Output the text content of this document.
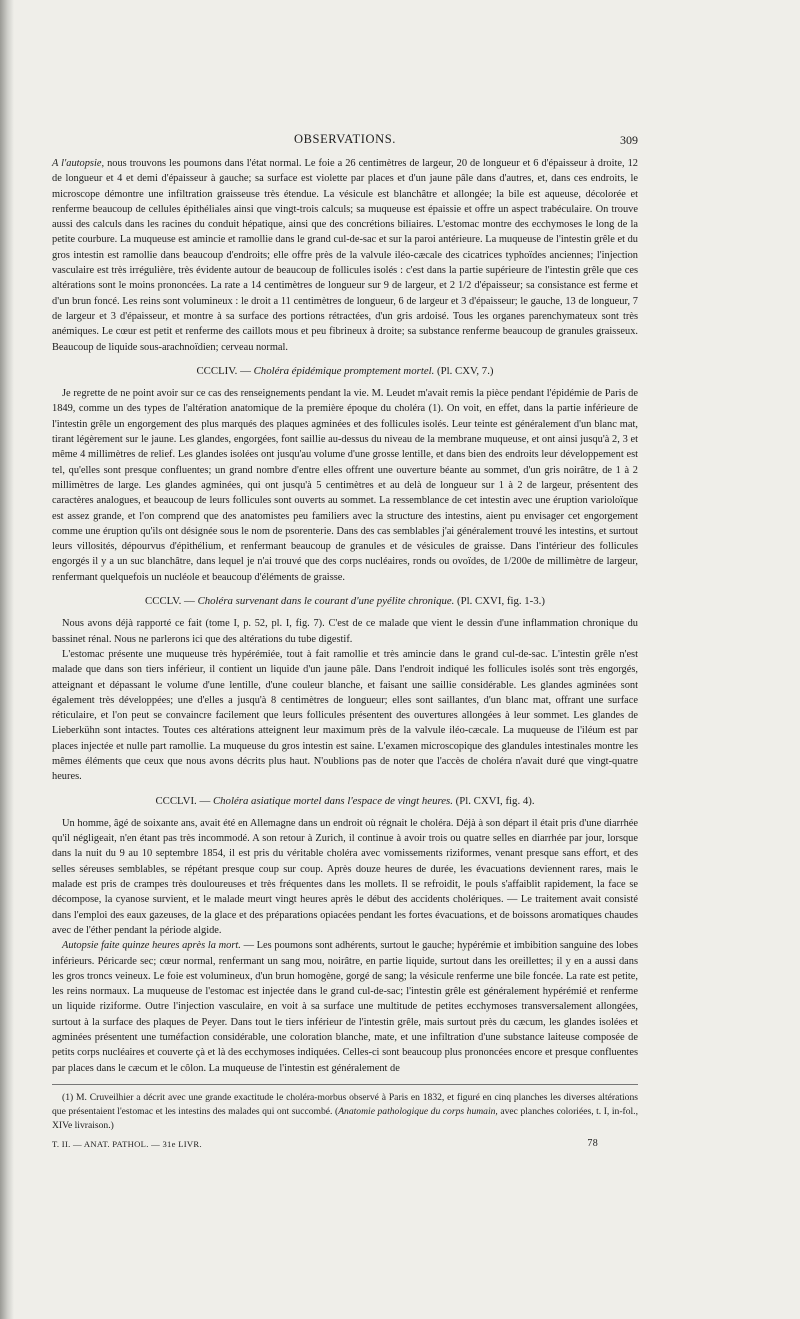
OBSERVATIONS.	309

A l'autopsie, nous trouvons les poumons dans l'état normal. Le foie a 26 centimètres de largeur, 20 de longueur et 6 d'épaisseur à droite, 12 de longueur et 4 et demi d'épaisseur à gauche; sa surface est violette par places et d'un jaune pâle dans d'autres, et, dans ces endroits, le microscope démontre une infiltration graisseuse très étendue. La vésicule est blanchâtre et allongée; la bile est aqueuse, décolorée et renferme beaucoup de cellules épithéliales ainsi que vingt-trois calculs; sa muqueuse est épaissie et offre un aspect trabéculaire. On trouve aussi des calculs dans les racines du conduit hépatique, ainsi que des concrétions biliaires. L'estomac montre des ecchymoses le long de la petite courbure. La muqueuse est amincie et ramollie dans le grand cul-de-sac et sur la paroi antérieure. La muqueuse de l'intestin grêle et du gros intestin est ramollie dans beaucoup d'endroits; elle offre près de la valvule iléo-cæcale des cicatrices typhoïdes anciennes; l'injection vasculaire est très irrégulière, très évidente autour de beaucoup de follicules isolés : c'est dans la partie supérieure de l'intestin grêle que ces altérations sont le moins prononcées. La rate a 14 centimètres de longueur sur 9 de largeur, et 2 1/2 d'épaisseur; sa consistance est ferme et d'un brun foncé. Les reins sont volumineux : le droit a 11 centimètres de longueur, 6 de largeur et 3 d'épaisseur; le gauche, 13 de longueur, 7 de largeur et 3 d'épaisseur, et montre à sa surface des portions rétractées, d'un gris ardoisé. Tous les organes parenchymateux sont très anémiques. Le cœur est petit et renferme des caillots mous et peu fibrineux à droite; sa substance renferme beaucoup de granules graisseux. Beaucoup de liquide sous-arachnoïdien; cerveau normal.

CCCLIV. — Choléra épidémique promptement mortel. (Pl. CXV, 7.)

Je regrette de ne point avoir sur ce cas des renseignements pendant la vie. M. Leudet m'avait remis la pièce pendant l'épidémie de Paris de 1849, comme un des types de l'altération anatomique de la première époque du choléra (1). On voit, en effet, dans la partie inférieure de l'intestin grêle un engorgement des plus marqués des plaques agminées et des follicules isolés. Leur teinte est généralement d'un blanc mat, tirant légèrement sur le jaune. Les glandes, engorgées, font saillie au-dessus du niveau de la membrane muqueuse, et ont ainsi jusqu'à 2, 3 et même 4 millimètres de relief. Les glandes isolées ont jusqu'au volume d'une grosse lentille, et dans bien des endroits leur développement est tel, qu'elles sont presque confluentes; un grand nombre d'entre elles offrent une ouverture béante au sommet, d'un gris noirâtre, de 1 à 2 millimètres de large. Les glandes agminées, qui ont jusqu'à 5 centimètres et au delà de longueur sur 1 à 2 de largeur, présentent des caractères analogues, et beaucoup de leurs follicules sont ouverts au sommet. La ressemblance de cet intestin avec une éruption varioloïque est assez grande, et l'on comprend que des anatomistes peu familiers avec la structure des intestins, aient pu envisager cet engorgement comme une éruption qu'ils ont désignée sous le nom de psorenterie. Dans des cas semblables j'ai généralement trouvé les intestins, et surtout leurs villosités, dépourvus d'épithélium, et renfermant beaucoup de granules et de vésicules de graisse. Dans l'intérieur des follicules engorgés il y a un suc blanchâtre, dans lequel je n'ai trouvé que des corps nucléaires, ronds ou ovoïdes, de 1/200e de millimètre de largeur, renfermant quelquefois un nucléole et beaucoup d'éléments de graisse.

CCCLV. — Choléra survenant dans le courant d'une pyélite chronique. (Pl. CXVI, fig. 1-3.)

Nous avons déjà rapporté ce fait (tome I, p. 52, pl. I, fig. 7). C'est de ce malade que vient le dessin d'une inflammation chronique du bassinet rénal. Nous ne parlerons ici que des altérations du tube digestif.

L'estomac présente une muqueuse très hypérémiée, tout à fait ramollie et très amincie dans le grand cul-de-sac. L'intestin grêle n'est malade que dans son tiers inférieur, il contient un liquide d'un jaune pâle. Dans l'endroit indiqué les follicules isolés sont très engorgés, atteignant et dépassant le volume d'une lentille, d'une couleur blanche, et faisant une saillie considérable. Les glandes agminées sont également très développées; une d'elles a jusqu'à 8 centimètres de longueur; elles sont saillantes, d'un blanc mat, offrant une surface réticulaire, et l'on peut se convaincre facilement que leurs follicules présentent des ouvertures allongées à leur sommet. Les glandes de Lieberkühn sont intactes. Toutes ces altérations atteignent leur maximum près de la valvule iléo-cæcale. La muqueuse de l'iléum est par places injectée et nulle part ramollie. La muqueuse du gros intestin est saine. L'examen microscopique des glandules intestinales montre les mêmes éléments que ceux que nous avons décrits plus haut. N'oublions pas de noter que l'accès de choléra n'avait duré que vingt-quatre heures.

CCCLVI. — Choléra asiatique mortel dans l'espace de vingt heures. (Pl. CXVI, fig. 4).

Un homme, âgé de soixante ans, avait été en Allemagne dans un endroit où régnait le choléra. Déjà à son départ il était pris d'une diarrhée qu'il négligeait, n'en étant pas très incommodé. A son retour à Zurich, il continue à avoir trois ou quatre selles en diarrhée par jour, lorsque dans la nuit du 9 au 10 septembre 1854, il est pris du véritable choléra avec vomissements riziformes, venant presque sans effort, et des selles séreuses semblables, se répétant presque coup sur coup. Après douze heures de durée, les évacuations deviennent rares, mais le malade est pris de crampes très douloureuses et très fréquentes dans les mollets. Il se refroidit, le pouls s'affaiblit rapidement, la face se décompose, la cyanose survient, et le malade meurt vingt heures après le début des accidents cholériques. — Le traitement avait consisté dans l'emploi des eaux gazeuses, de la glace et des préparations opiacées pendant les fortes évacuations, et de boissons aromatiques chaudes avec de l'éther pendant la période algide.

Autopsie faite quinze heures après la mort. — Les poumons sont adhérents, surtout le gauche; hypérémie et imbibition sanguine des lobes inférieurs. Péricarde sec; cœur normal, renfermant un sang mou, noirâtre, en partie liquide, surtout dans les oreillettes; il y en a aussi dans les gros troncs veineux. Le foie est volumineux, d'un brun homogène, gorgé de sang; la vésicule renferme une bile foncée. La rate est petite, les reins normaux. La muqueuse de l'estomac est injectée dans le grand cul-de-sac; l'intestin grêle est généralement hypérémié et renferme un liquide riziforme. Outre l'injection vasculaire, en voit à sa surface une multitude de petites ecchymoses transversalement allongées, surtout à la surface des plaques de Peyer. Dans tout le tiers inférieur de l'intestin grêle, mais surtout près du cæcum, les glandes isolées et agminées présentent une tuméfaction considérable, une coloration blanche, mate, et une infiltration d'une substance laiteuse composée de petits corps nucléaires et couverte çà et là des ecchymoses indiquées. Celles-ci sont beaucoup plus prononcées encore et presque confluentes par places dans le cæcum et le côlon. La muqueuse de l'intestin est généralement de

(1) M. Cruveilhier a décrit avec une grande exactitude le choléra-morbus observé à Paris en 1832, et figuré en cinq planches les diverses altérations que présentaient l'estomac et les intestins des malades qui ont succombé. (Anatomie pathologique du corps humain, avec planches coloriées, t. I, in-fol., XIVe livraison.)

T. II. — ANAT. PATHOL. — 31e LIVR.	78
